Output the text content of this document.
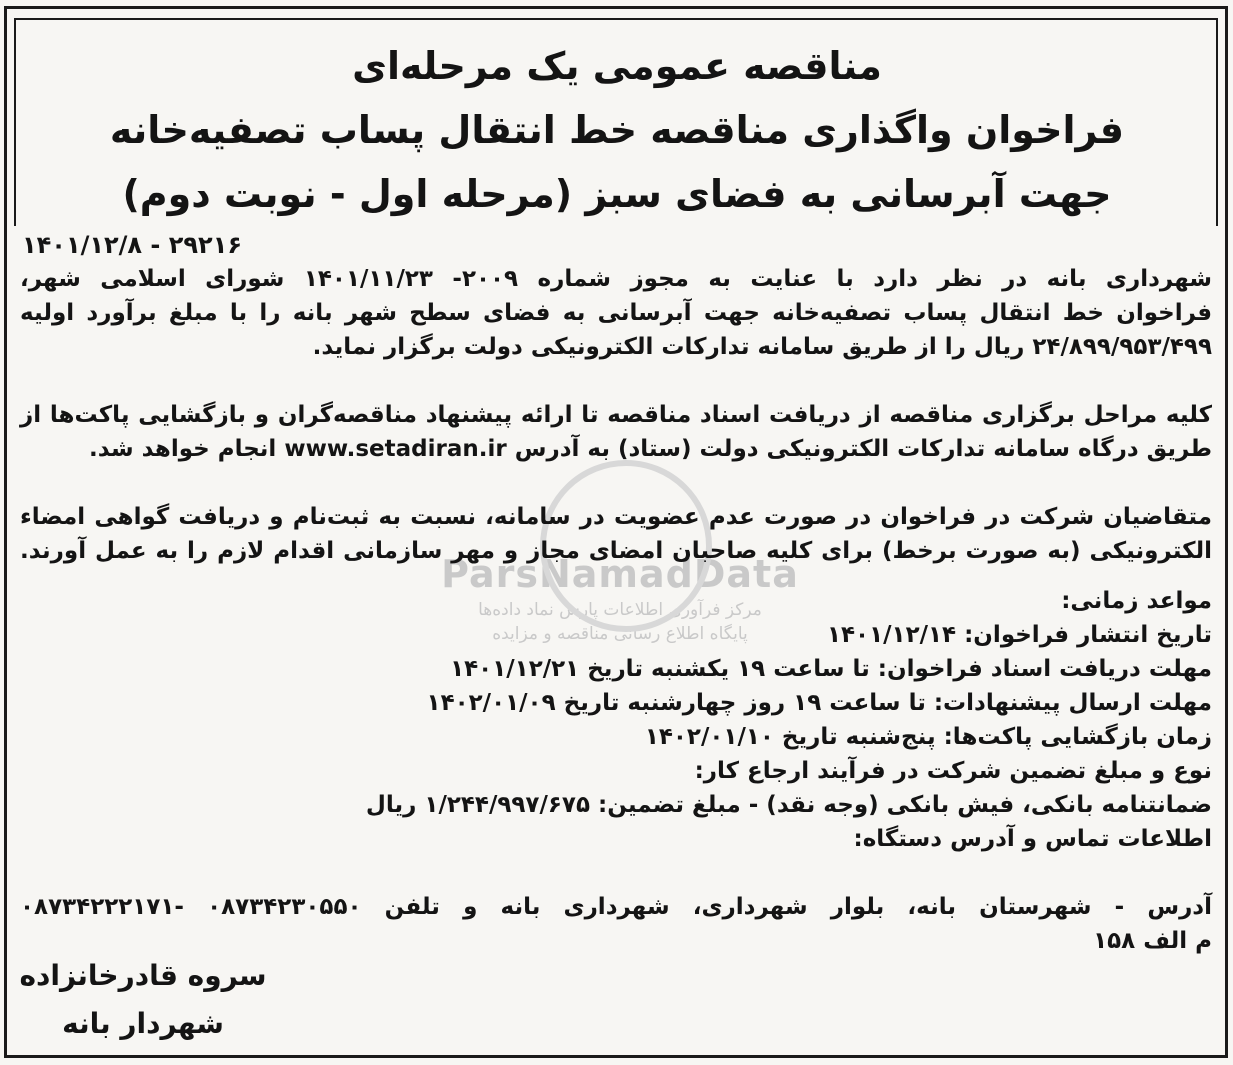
ParsNamadData
مرکز فرآوری اطلاعات پارس نماد داده‌ها
پایگاه اطلاع رسانی مناقصه و مزایده
مناقصه عمومی یک مرحله‌ای
فراخوان واگذاری مناقصه خط انتقال پساب تصفیه‌خانه
جهت آبرسانی به فضای سبز (مرحله اول - نوبت دوم)
۲۹۲۱۶ - ۱۴۰۱/۱۲/۸
شهرداری بانه در نظر دارد با عنایت به مجوز شماره ۲۰۰۹- ۱۴۰۱/۱۱/۲۳ شورای اسلامی شهر،
فراخوان خط انتقال پساب تصفیه‌خانه جهت آبرسانی به فضای سطح شهر بانه را با مبلغ برآورد اولیه
۲۴/۸۹۹/۹۵۳/۴۹۹ ریال را از طریق سامانه تدارکات الکترونیکی دولت برگزار نماید.
کلیه مراحل برگزاری مناقصه از دریافت اسناد مناقصه تا ارائه پیشنهاد مناقصه‌گران و بازگشایی پاکت‌ها از
طریق درگاه سامانه تدارکات الکترونیکی دولت (ستاد) به آدرس www.setadiran.ir انجام خواهد شد.
متقاضیان شرکت در فراخوان در صورت عدم عضویت در سامانه، نسبت به ثبت‌نام و دریافت گواهی امضاء
الکترونیکی (به صورت برخط) برای کلیه صاحبان امضای مجاز و مهر سازمانی اقدام لازم را به عمل آورند.
مواعد زمانی:
تاریخ انتشار فراخوان: ۱۴۰۱/۱۲/۱۴
مهلت دریافت اسناد فراخوان: تا ساعت ۱۹ یکشنبه تاریخ ۱۴۰۱/۱۲/۲۱
مهلت ارسال پیشنهادات: تا ساعت ۱۹ روز چهارشنبه تاریخ ۱۴۰۲/۰۱/۰۹
زمان بازگشایی پاکت‌ها: پنج‌شنبه تاریخ ۱۴۰۲/۰۱/۱۰
نوع و مبلغ تضمین شرکت در فرآیند ارجاع کار:
ضمانتنامه بانکی، فیش بانکی (وجه نقد) - مبلغ تضمین: ۱/۲۴۴/۹۹۷/۶۷۵ ریال
اطلاعات تماس و آدرس دستگاه:
آدرس - شهرستان بانه، بلوار شهرداری، شهرداری بانه و تلفن ۰۸۷۳۴۲۳۰۵۵۰ -۰۸۷۳۴۲۲۲۱۷۱
م الف ۱۵۸
سروه قادرخانزاده
شهردار بانه
